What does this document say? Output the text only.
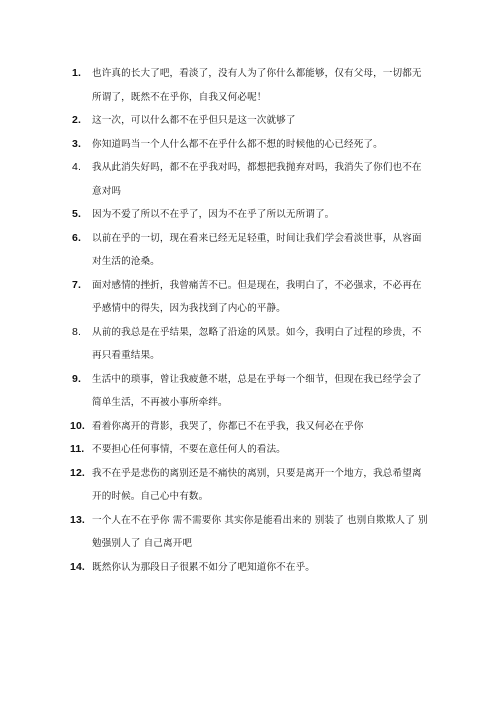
1. 也许真的长大了吧，看淡了，没有人为了你什么都能够，仅有父母，一切都无所谓了，既然不在乎你，自我又何必呢！
2. 这一次，可以什么都不在乎但只是这一次就够了
3. 你知道吗当一个人什么都不在乎什么都不想的时候他的心已经死了。
4. 我从此消失好吗，都不在乎我对吗，都想把我抛弃对吗，我消失了你们也不在意对吗
5. 因为不爱了所以不在乎了，因为不在乎了所以无所谓了。
6. 以前在乎的一切，现在看来已经无足轻重，时间让我们学会看淡世事，从容面对生活的沧桑。
7. 面对感情的挫折，我曾痛苦不已。但是现在，我明白了，不必强求，不必再在乎感情中的得失，因为我找到了内心的平静。
8. 从前的我总是在乎结果，忽略了沿途的风景。如今，我明白了过程的珍贵，不再只看重结果。
9. 生活中的琐事，曾让我疲惫不堪，总是在乎每一个细节，但现在我已经学会了简单生活，不再被小事所牵绊。
10. 看着你离开的背影，我哭了，你都已不在乎我，我又何必在乎你
11. 不要担心任何事情，不要在意任何人的看法。
12. 我不在乎是悲伤的离别还是不痛快的离别，只要是离开一个地方，我总希望离开的时候。自己心中有数。
13. 一个人在不在乎你 需不需要你 其实你是能看出来的 别装了 也别自欺欺人了 别勉强别人了 自己离开吧
14. 既然你认为那段日子很累不如分了吧知道你不在乎。
